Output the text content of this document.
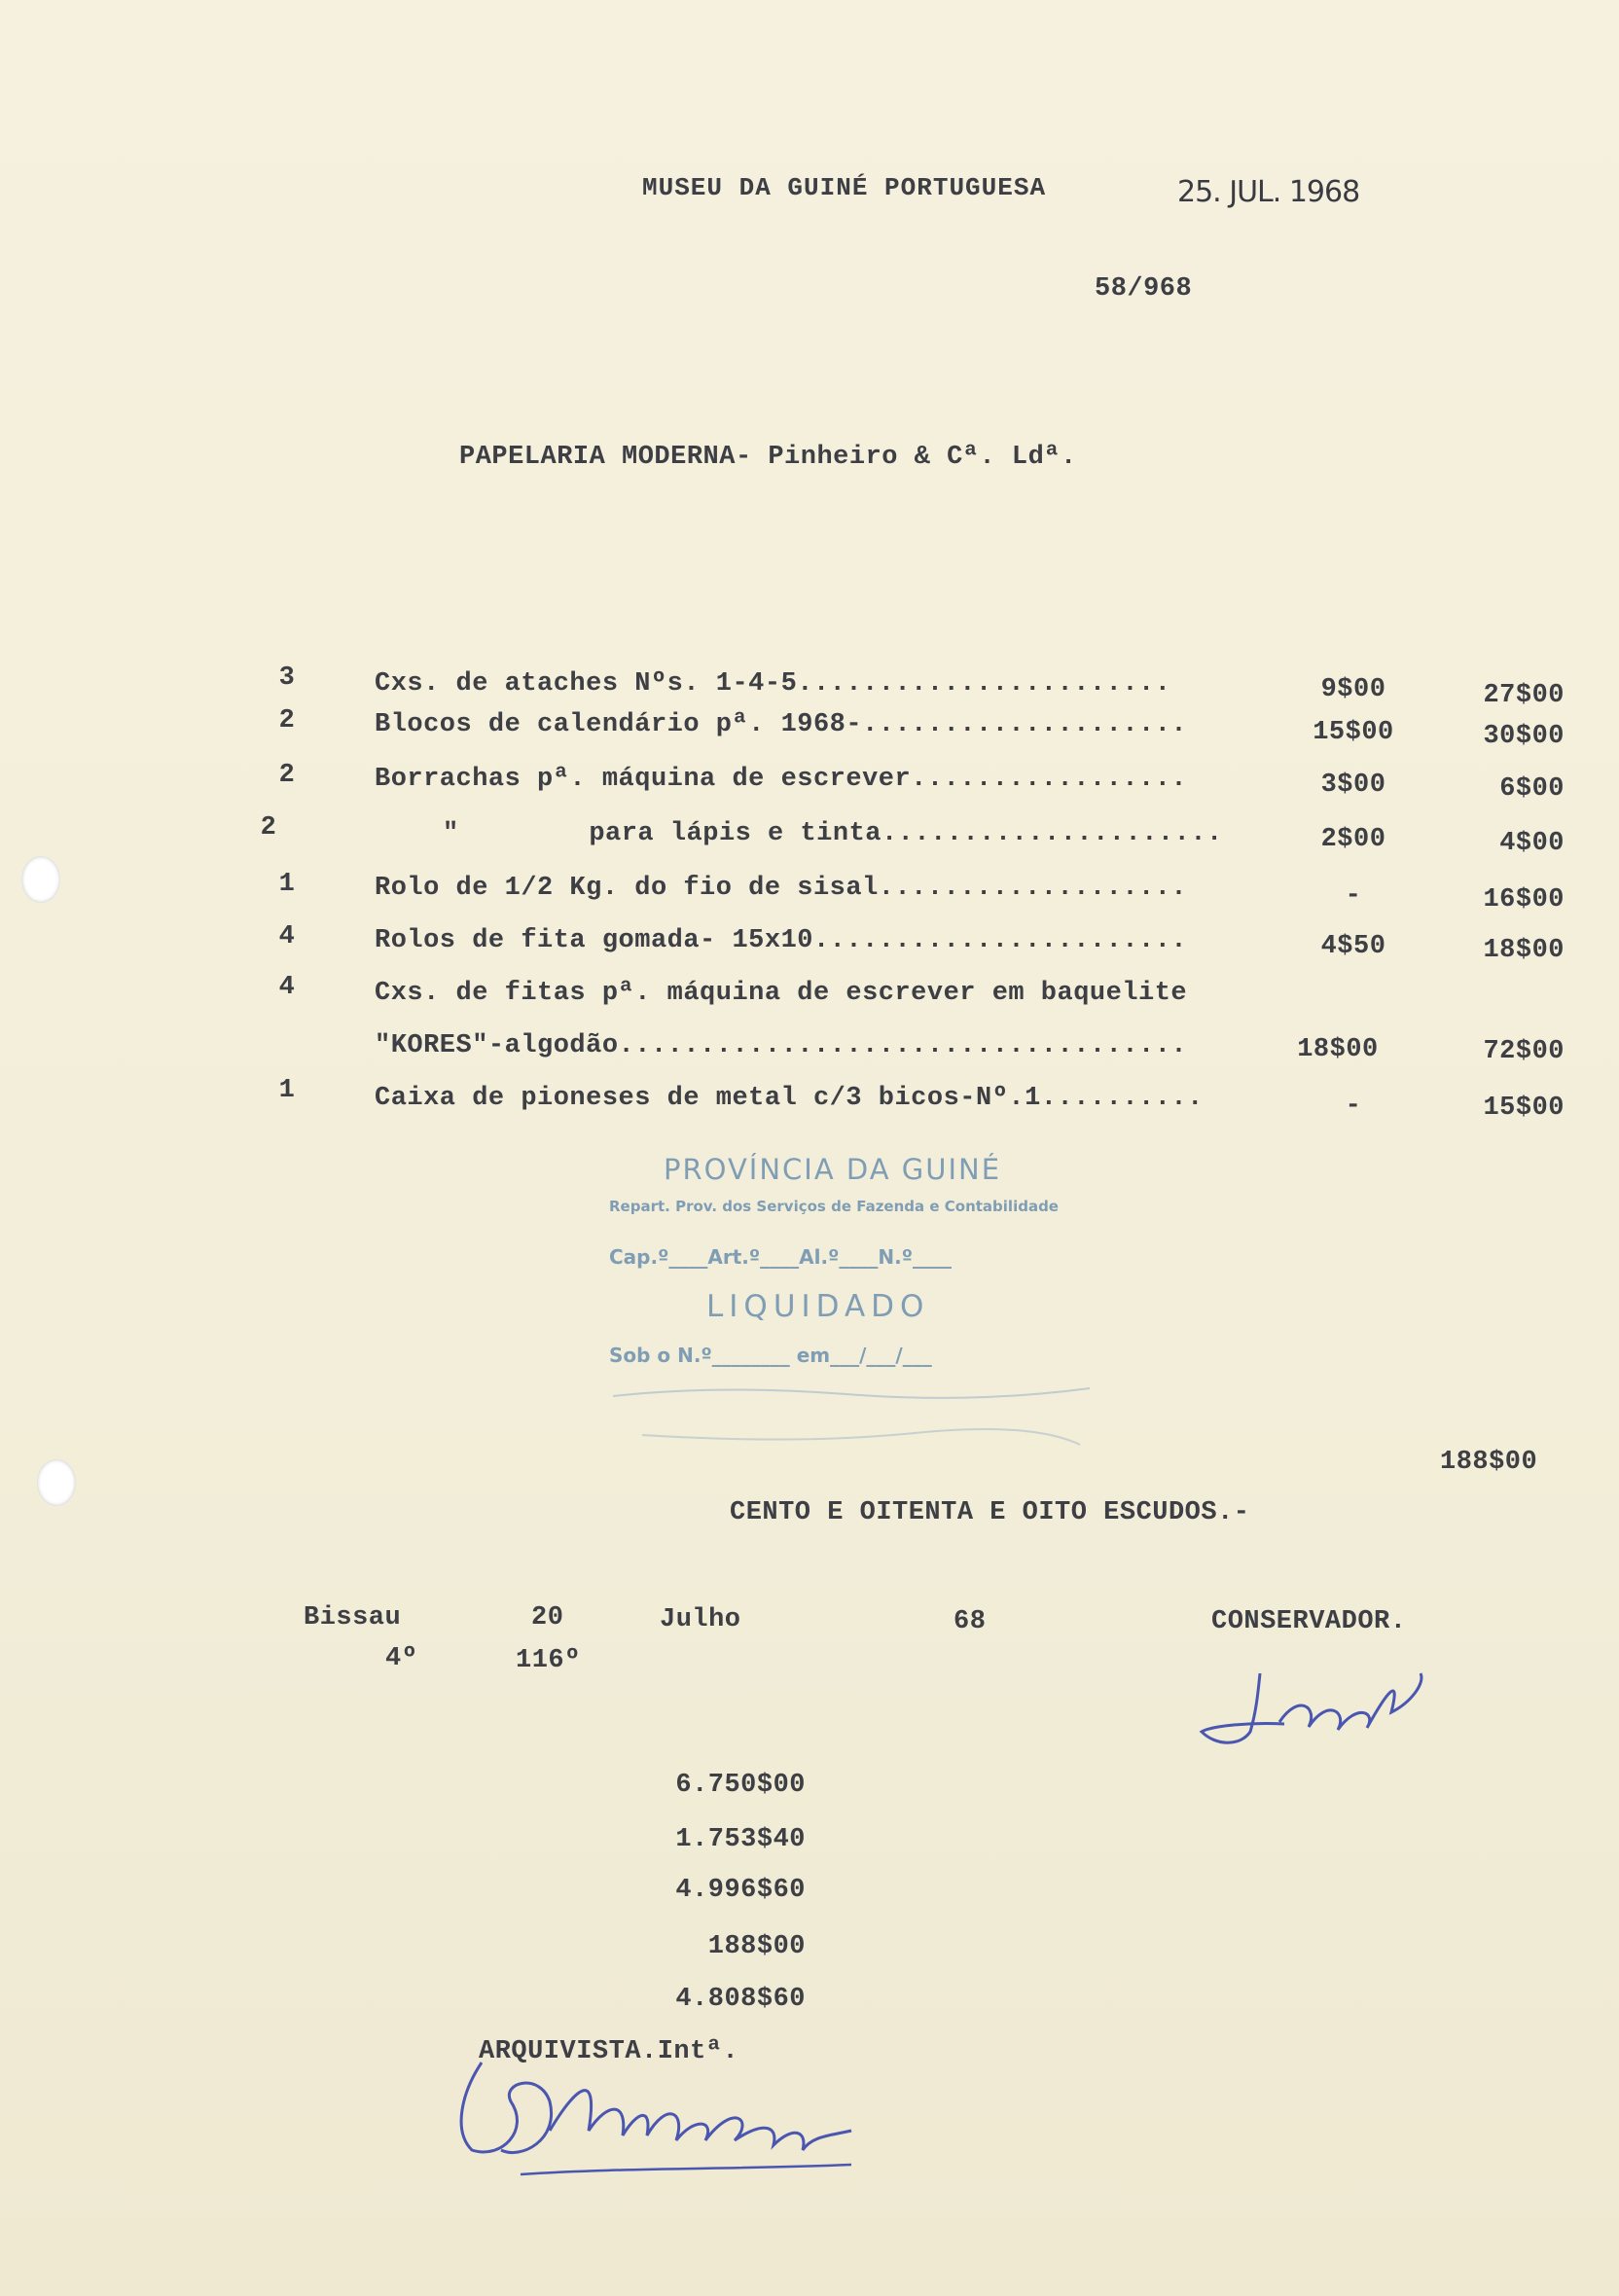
MUSEU DA GUINÉ PORTUGUESA	25. JUL. 1968
58/968
PAPELARIA MODERNA- Pinheiro & Cª. Ldª.
3	Cxs. de ataches Nºs. 1-4-5.......................	9$00	27$00
2	Blocos de calendário pª. 1968-....................	15$00	30$00
2	Borrachas pª. máquina de escrever.................	3$00	6$00
2	"        para lápis e tinta.....................	2$00	4$00
1	Rolo de 1/2 Kg. do fio de sisal...................	-	16$00
4	Rolos de fita gomada- 15x10.......................	4$50	18$00
4	Cxs. de fitas pª. máquina de escrever em baquelite
"KORES"-algodão...................................	18$00	72$00
1	Caixa de pioneses de metal c/3 bicos-Nº.1..........	-	15$00
PROVÍNCIA DA GUINÉ
Repart. Prov. dos Serviços de Fazenda e Contabilidade
Cap.º____Art.º____Al.º____N.º____
LIQUIDADO
Sob o N.º________ em___/___/___
188$00
CENTO E OITENTA E OITO ESCUDOS.-
Bissau	20	Julho	68	CONSERVADOR.
4º	116º
6.750$00
1.753$40
4.996$60
188$00
4.808$60
ARQUIVISTA.Intª.
